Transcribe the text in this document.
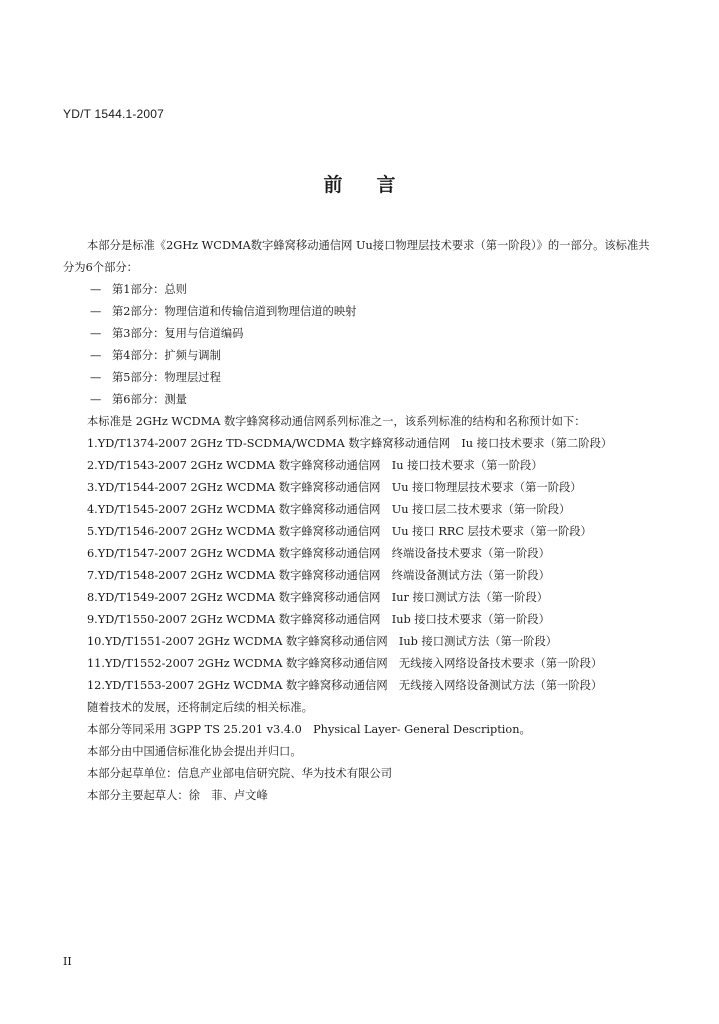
YD/T 1544.1-2007
前言

本部分是标准《2GHz WCDMA数字蜂窝移动通信网 Uu接口物理层技术要求（第一阶段）》的一部分。该标准共分为6个部分：

— 第1部分：总则

— 第2部分：物理信道和传输信道到物理信道的映射

— 第3部分：复用与信道编码

— 第4部分：扩频与调制

— 第5部分：物理层过程

— 第6部分：测量

本标准是 2GHz WCDMA 数字蜂窝移动通信网系列标准之一，该系列标准的结构和名称预计如下：

1.YD/T1374-2007 2GHz TD-SCDMA/WCDMA 数字蜂窝移动通信网　Iu 接口技术要求（第二阶段）

2.YD/T1543-2007 2GHz WCDMA 数字蜂窝移动通信网　Iu 接口技术要求（第一阶段）

3.YD/T1544-2007 2GHz WCDMA 数字蜂窝移动通信网　Uu 接口物理层技术要求（第一阶段）

4.YD/T1545-2007 2GHz WCDMA 数字蜂窝移动通信网　Uu 接口层二技术要求（第一阶段）

5.YD/T1546-2007 2GHz WCDMA 数字蜂窝移动通信网　Uu 接口 RRC 层技术要求（第一阶段）

6.YD/T1547-2007 2GHz WCDMA 数字蜂窝移动通信网　终端设备技术要求（第一阶段）

7.YD/T1548-2007 2GHz WCDMA 数字蜂窝移动通信网　终端设备测试方法（第一阶段）

8.YD/T1549-2007 2GHz WCDMA 数字蜂窝移动通信网　Iur 接口测试方法（第一阶段）

9.YD/T1550-2007 2GHz WCDMA 数字蜂窝移动通信网　Iub 接口技术要求（第一阶段）

10.YD/T1551-2007 2GHz WCDMA 数字蜂窝移动通信网　Iub 接口测试方法（第一阶段）

11.YD/T1552-2007 2GHz WCDMA 数字蜂窝移动通信网　无线接入网络设备技术要求（第一阶段）

12.YD/T1553-2007 2GHz WCDMA 数字蜂窝移动通信网　无线接入网络设备测试方法（第一阶段）

随着技术的发展，还将制定后续的相关标准。

本部分等同采用 3GPP TS 25.201 v3.4.0　Physical Layer- General Description。

本部分由中国通信标准化协会提出并归口。

本部分起草单位：信息产业部电信研究院、华为技术有限公司

本部分主要起草人：徐　菲、卢文峰

II
